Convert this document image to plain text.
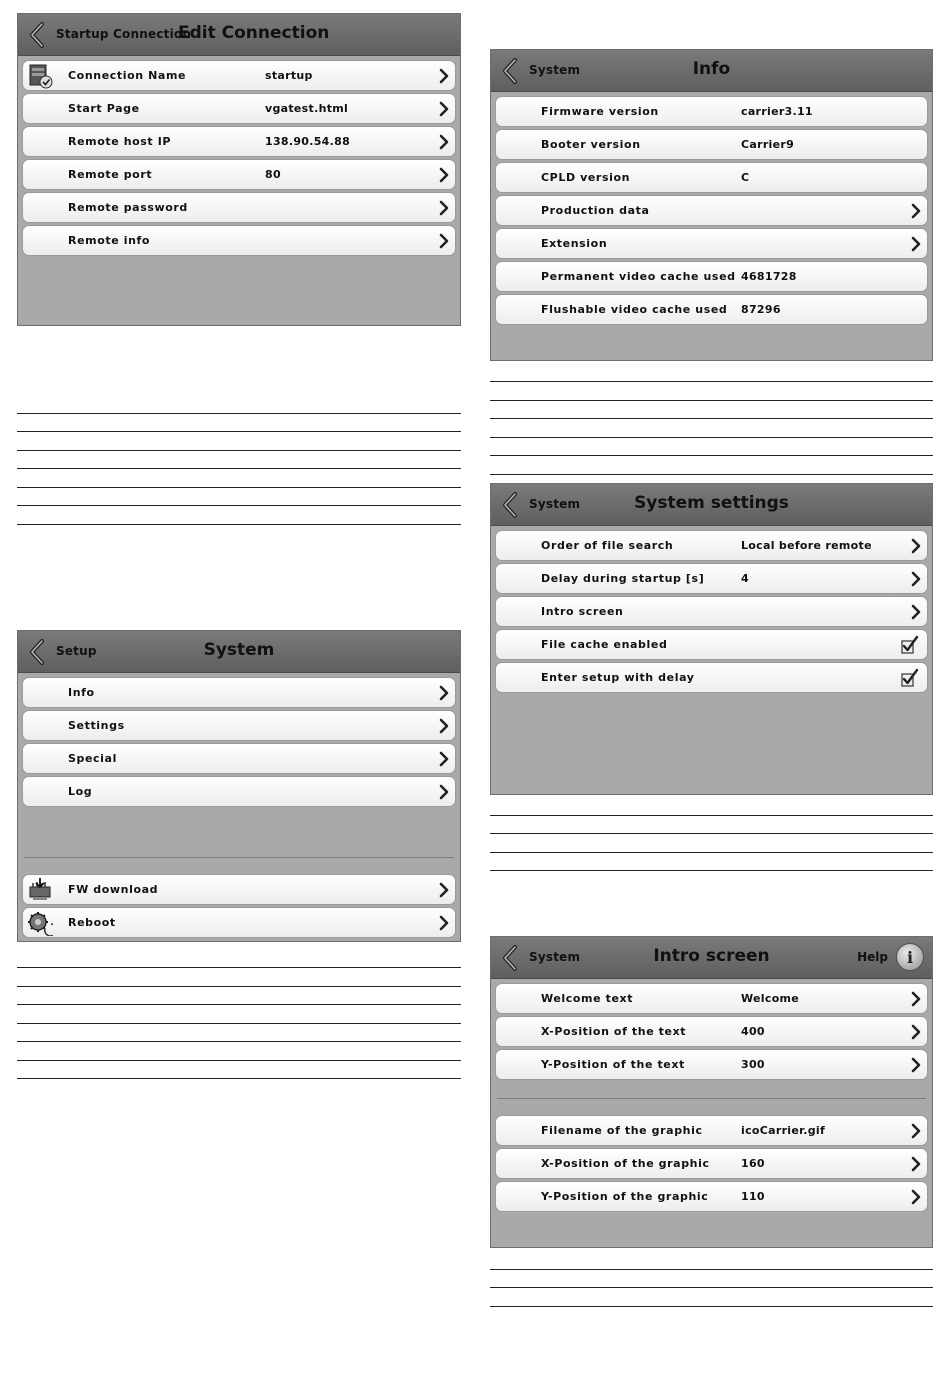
Startup Connection
Edit Connection
Connection Name	startup
Start Page	vgatest.html
Remote host IP	138.90.54.88
Remote port	80
Remote password
Remote info
Setup	System
Info
Settings
Special
Log
FW download
Reboot
System	Info
Firmware version	carrier3.11
Booter version	Carrier9
CPLD version	C
Production data
Extension
Permanent video cache used 4681728
Flushable video cache used 87296
System	System settings
Order of file search	Local before remote
Delay during startup [s]	4
Intro screen
File cache enabled
Enter setup with delay
System	Intro screen	Help	i
Welcome text	Welcome
X-Position of the text	400
Y-Position of the text	300
Filename of the graphic	icoCarrier.gif
X-Position of the graphic	160
Y-Position of the graphic	110
